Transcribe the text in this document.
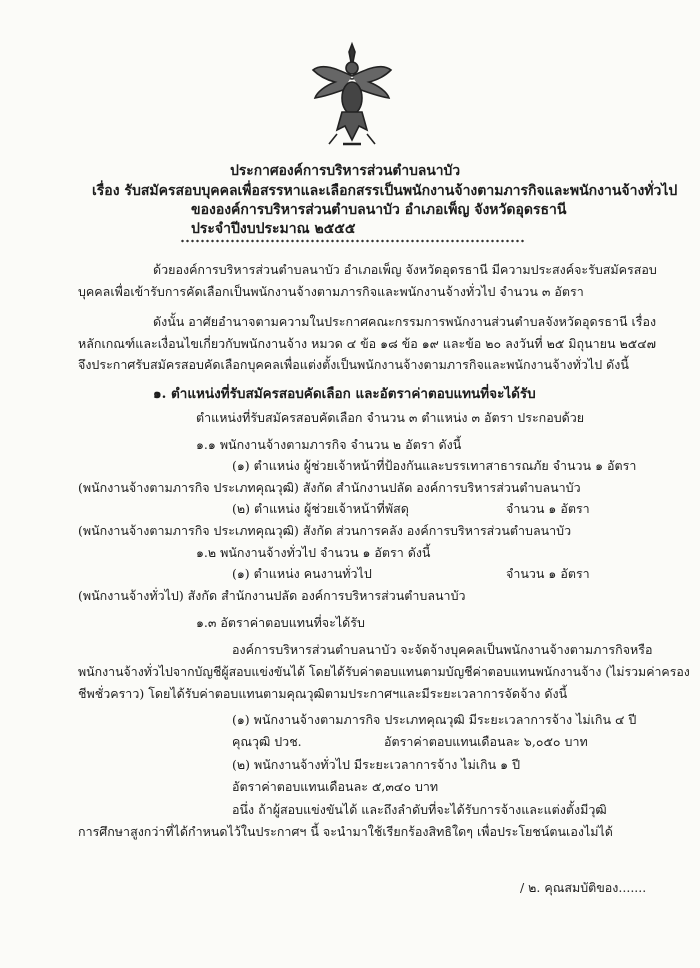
ประกาศองค์การบริหารส่วนตำบลนาบัว
เรื่อง รับสมัครสอบบุคคลเพื่อสรรหาและเลือกสรรเป็นพนักงานจ้างตามภารกิจและพนักงานจ้างทั่วไป
ขององค์การบริหารส่วนตำบลนาบัว อำเภอเพ็ญ จังหวัดอุดรธานี
ประจำปีงบประมาณ ๒๕๕๕
ด้วยองค์การบริหารส่วนตำบลนาบัว อำเภอเพ็ญ จังหวัดอุดรธานี มีความประสงค์จะรับสมัครสอบ
บุคคลเพื่อเข้ารับการคัดเลือกเป็นพนักงานจ้างตามภารกิจและพนักงานจ้างทั่วไป จำนวน ๓ อัตรา
ดังนั้น อาศัยอำนาจตามความในประกาศคณะกรรมการพนักงานส่วนตำบลจังหวัดอุดรธานี เรื่อง
หลักเกณฑ์และเงื่อนไขเกี่ยวกับพนักงานจ้าง หมวด ๔ ข้อ ๑๘ ข้อ ๑๙ และข้อ ๒๐ ลงวันที่ ๒๕ มิถุนายน ๒๕๔๗
จึงประกาศรับสมัครสอบคัดเลือกบุคคลเพื่อแต่งตั้งเป็นพนักงานจ้างตามภารกิจและพนักงานจ้างทั่วไป ดังนี้
๑. ตำแหน่งที่รับสมัครสอบคัดเลือก และอัตราค่าตอบแทนที่จะได้รับ
ตำแหน่งที่รับสมัครสอบคัดเลือก จำนวน ๓ ตำแหน่ง ๓ อัตรา ประกอบด้วย
๑.๑ พนักงานจ้างตามภารกิจ จำนวน ๒ อัตรา ดังนี้
(๑) ตำแหน่ง ผู้ช่วยเจ้าหน้าที่ป้องกันและบรรเทาสาธารณภัย จำนวน ๑ อัตรา
(พนักงานจ้างตามภารกิจ ประเภทคุณวุฒิ) สังกัด สำนักงานปลัด องค์การบริหารส่วนตำบลนาบัว
(๒) ตำแหน่ง ผู้ช่วยเจ้าหน้าที่พัสดุ	จำนวน ๑ อัตรา
(พนักงานจ้างตามภารกิจ ประเภทคุณวุฒิ) สังกัด ส่วนการคลัง องค์การบริหารส่วนตำบลนาบัว
๑.๒ พนักงานจ้างทั่วไป จำนวน ๑ อัตรา ดังนี้
(๑) ตำแหน่ง คนงานทั่วไป	จำนวน ๑ อัตรา
(พนักงานจ้างทั่วไป) สังกัด สำนักงานปลัด องค์การบริหารส่วนตำบลนาบัว
๑.๓ อัตราค่าตอบแทนที่จะได้รับ
องค์การบริหารส่วนตำบลนาบัว จะจัดจ้างบุคคลเป็นพนักงานจ้างตามภารกิจหรือ
พนักงานจ้างทั่วไปจากบัญชีผู้สอบแข่งขันได้ โดยได้รับค่าตอบแทนตามบัญชีค่าตอบแทนพนักงานจ้าง (ไม่รวมค่าครอง
ชีพชั่วคราว) โดยได้รับค่าตอบแทนตามคุณวุฒิตามประกาศฯและมีระยะเวลาการจัดจ้าง ดังนี้
(๑) พนักงานจ้างตามภารกิจ ประเภทคุณวุฒิ มีระยะเวลาการจ้าง ไม่เกิน ๔ ปี
คุณวุฒิ ปวช.	อัตราค่าตอบแทนเดือนละ ๖,๐๕๐ บาท
(๒) พนักงานจ้างทั่วไป มีระยะเวลาการจ้าง ไม่เกิน ๑ ปี
อัตราค่าตอบแทนเดือนละ ๕,๓๔๐ บาท
อนึ่ง ถ้าผู้สอบแข่งขันได้ และถึงลำดับที่จะได้รับการจ้างและแต่งตั้งมีวุฒิ
การศึกษาสูงกว่าที่ได้กำหนดไว้ในประกาศฯ นี้ จะนำมาใช้เรียกร้องสิทธิใดๆ เพื่อประโยชน์ตนเองไม่ได้
/ ๒. คุณสมบัติของ.......
